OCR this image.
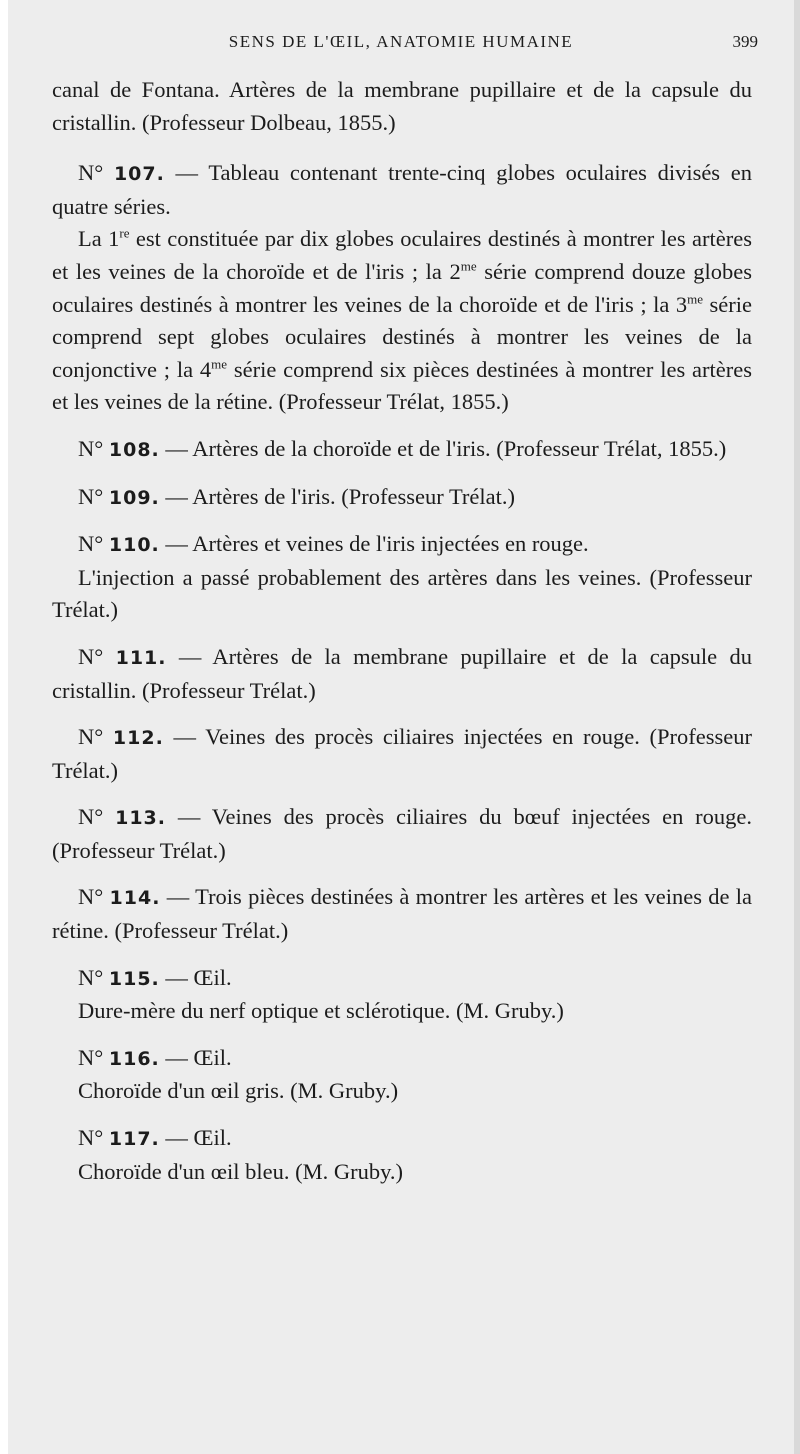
SENS DE L'ŒIL, ANATOMIE HUMAINE	399

canal de Fontana. Artères de la membrane pupillaire et de la capsule du cristallin. (Professeur Dolbeau, 1855.)

N° 107. — Tableau contenant trente-cinq globes oculaires divisés en quatre séries.

La 1re est constituée par dix globes oculaires destinés à montrer les artères et les veines de la choroïde et de l'iris ; la $2^{me}$ série comprend douze globes oculaires destinés à montrer les veines de la choroïde et de l'iris ; la $3^{me}$ série comprend sept globes oculaires destinés à montrer les veines de la conjonctive ; la $4^{me}$ série comprend six pièces destinées à montrer les artères et les veines de la rétine. (Professeur Trélat, 1855.)

N° 108. — Artères de la choroïde et de l'iris. (Professeur Trélat, 1855.)

N° 109. — Artères de l'iris. (Professeur Trélat.)

N° 110. — Artères et veines de l'iris injectées en rouge.

L'injection a passé probablement des artères dans les veines. (Professeur Trélat.)

N° 111. — Artères de la membrane pupillaire et de la capsule du cristallin. (Professeur Trélat.)

N° 112. — Veines des procès ciliaires injectées en rouge. (Professeur Trélat.)

N° 113. — Veines des procès ciliaires du bœuf injectées en rouge. (Professeur Trélat.)

N° 114. — Trois pièces destinées à montrer les artères et les veines de la rétine. (Professeur Trélat.)

N° 115. — Œil.

Dure-mère du nerf optique et sclérotique. (M. Gruby.)

N° 116. — Œil.

Choroïde d'un œil gris. (M. Gruby.)

N° 117. — Œil.

Choroïde d'un œil bleu. (M. Gruby.)
